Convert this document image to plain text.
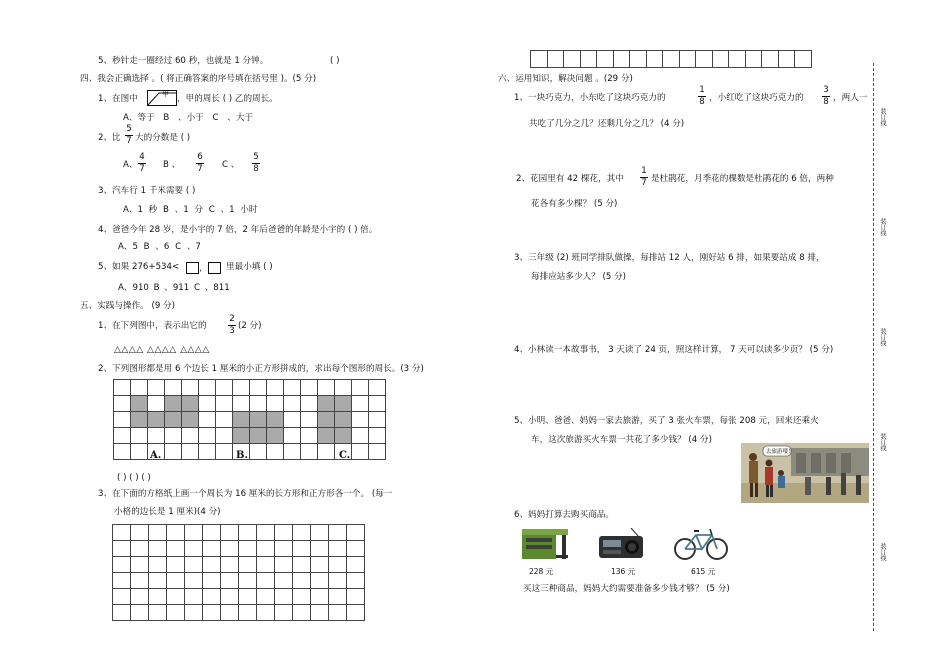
5、秒针走一圈经过 60 秒，也就是 1 分钟。	( )
四、我会正确选择 。( 将正确答案的序号填在括号里 )。(5 分)
1、在图中	甲 ，甲的周长 ( ) 乙的周长。
A、等于 B 、小于 C 、大于
2、比
5
7 大的分数是 ( )
A、
4
7 B 、
6
7 C 、
5
8
3、汽车行 1 千米需要 ( )
A、1 秒 B 、1 分 C 、1 小时
4、爸爸今年 28 岁，是小宇的 7 倍，2 年后爸爸的年龄是小宇的 ( ) 倍。
A、5 B 、6 C 、7
5、如果 276+534<	，	里最小填 ( )
A、910 B 、911 C 、811
五、实践与操作。 (9 分)
1、在下列图中，表示出它的
2
3 (2 分)
△△△△ △△△△ △△△△
2、下列图形都是用 6 个边长 1 厘米的小正方形拼成的，求出每个图形的周长。(3 分)

A.	B.	C.
( ) ( ) ( )
3、在下面的方格纸上画一个周长为 16 厘米的长方形和正方形各一个。 (每一
小格的边长是 1 厘米)(4 分)

六、运用知识，解决问题 。(29 分)
1、一块巧克力，小东吃了这块巧克力的
1
8 ，小红吃了这块巧克力的
3
8 ，两人一
共吃了几分之几？还剩几分之几？ (4 分)
2、花园里有 42 棵花，其中
1
7 是杜鹃花，月季花的棵数是杜鹃花的 6 倍，两种
花各有多少棵？ (5 分)
3、三年级 (2) 班同学排队做操，每排站 12 人，刚好站 6 排，如果要站成 8 排，
每排应站多少人？ (5 分)
4、小林读一本故事书， 3 天读了 24 页，照这样计算， 7 天可以读多少页？ (5 分)
5、小明、爸爸、妈妈一家去旅游，买了 3 张火车票，每张 208 元，回来还乘火
车，这次旅游买火车票一共花了多少钱？ (4 分)
去旅游喽！
6、妈妈打算去购买商品。
228 元	136 元	615 元
买这三种商品，妈妈大约需要准备多少钱才够？ (5 分)
装订线
装订线
装订线
装订线
装订线
